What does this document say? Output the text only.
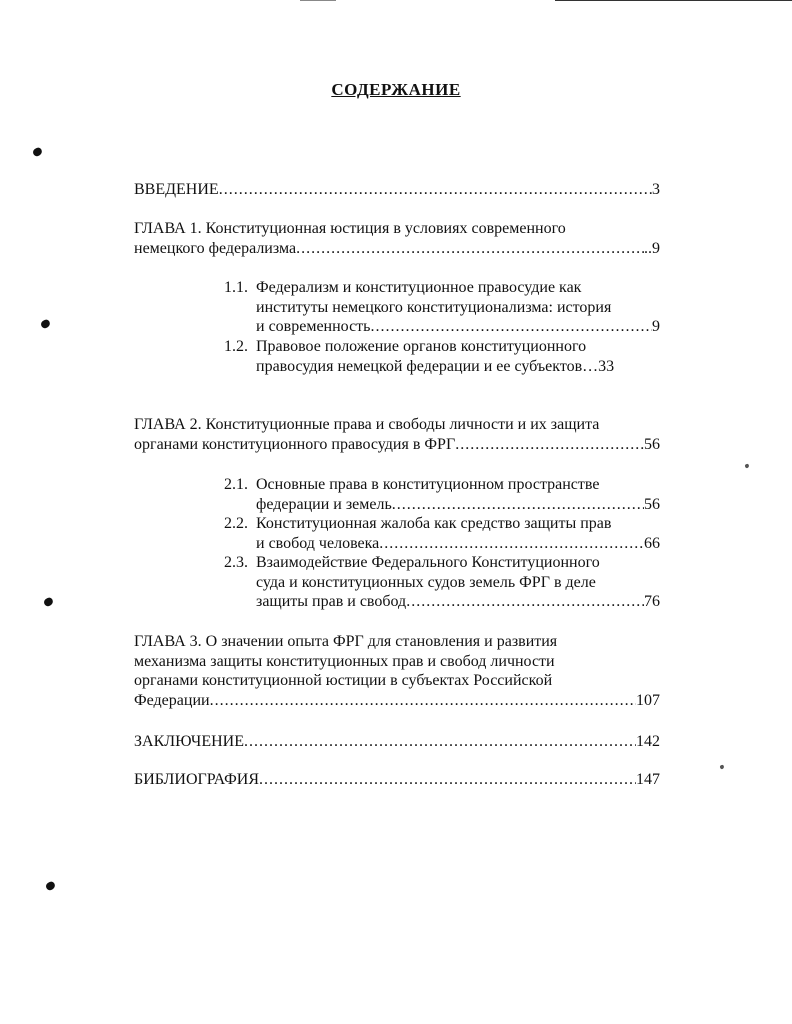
СОДЕРЖАНИЕ
ВВЕДЕНИЕ .....	3
ГЛАВА 1. Конституционная юстиция в условиях современного
немецкого федерализма .....	..9
1.1. Федерализм и конституционное правосудие как
институты немецкого конституционализма: история
и современность .....	9
1.2. Правовое положение органов конституционного
правосудия немецкой федерации и ее субъектов…33
ГЛАВА 2. Конституционные права и свободы личности и их защита
органами конституционного правосудия в ФРГ .....	56
2.1. Основные права в конституционном пространстве
федерации и земель .....	56
2.2. Конституционная жалоба как средство защиты прав
и свобод человека .....	66
2.3. Взаимодействие Федерального Конституционного
суда и конституционных судов земель ФРГ в деле
защиты прав и свобод .....	76
ГЛАВА 3. О значении опыта ФРГ для становления и развития
механизма защиты конституционных прав и свобод личности
органами конституционной юстиции в субъектах Российской
Федерации .....	107
ЗАКЛЮЧЕНИЕ .....	142
БИБЛИОГРАФИЯ .....	147
